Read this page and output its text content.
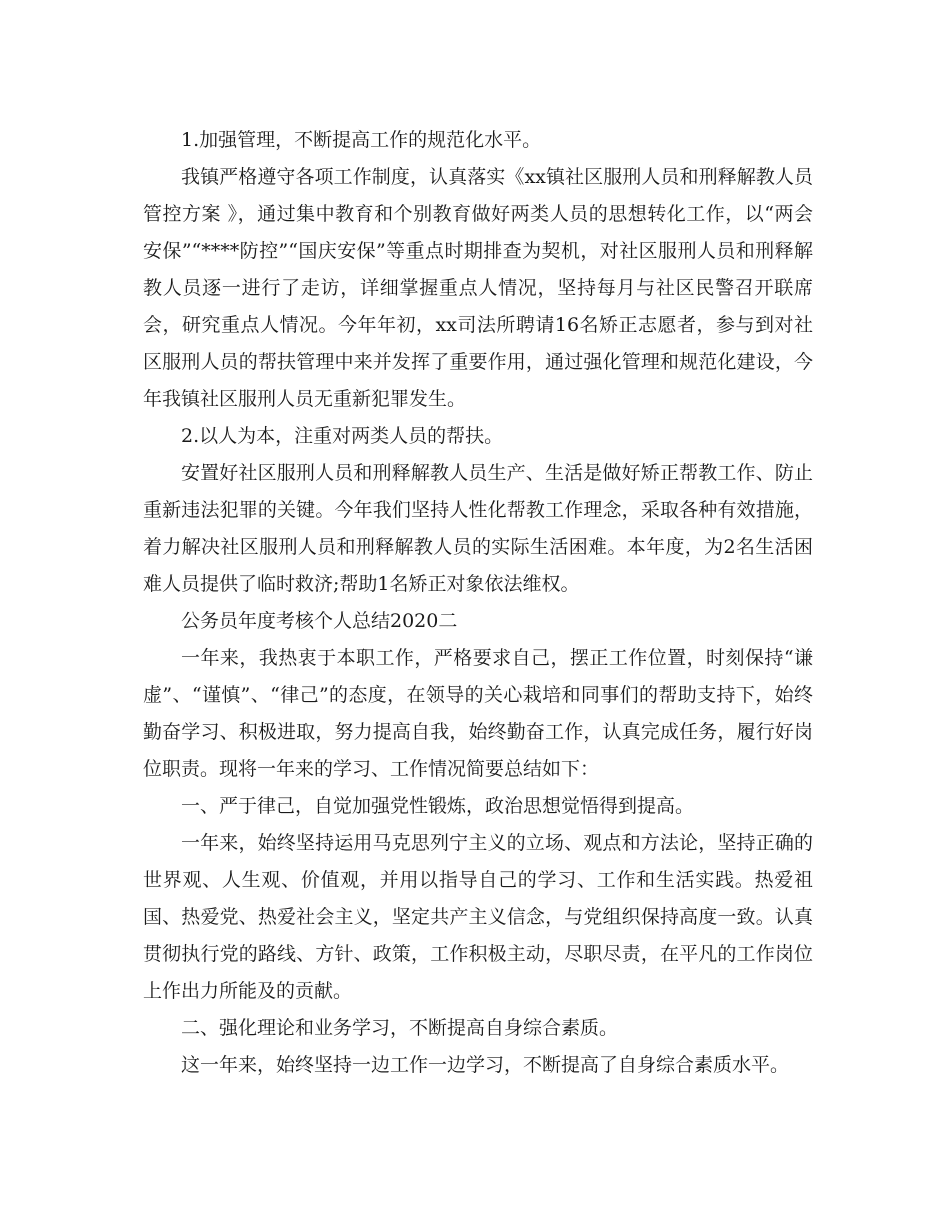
1.加强管理，不断提高工作的规范化水平。

我镇严格遵守各项工作制度，认真落实《xx镇社区服刑人员和刑释解教人员管控方案 》，通过集中教育和个别教育做好两类人员的思想转化工作，以“两会安保”“****防控”“国庆安保”等重点时期排查为契机，对社区服刑人员和刑释解教人员逐一进行了走访，详细掌握重点人情况，坚持每月与社区民警召开联席会，研究重点人情况。今年年初，xx司法所聘请16名矫正志愿者，参与到对社区服刑人员的帮扶管理中来并发挥了重要作用，通过强化管理和规范化建设，今年我镇社区服刑人员无重新犯罪发生。

2.以人为本，注重对两类人员的帮扶。

安置好社区服刑人员和刑释解教人员生产、生活是做好矫正帮教工作、防止重新违法犯罪的关键。今年我们坚持人性化帮教工作理念，采取各种有效措施，着力解决社区服刑人员和刑释解教人员的实际生活困难。本年度，为2名生活困难人员提供了临时救济;帮助1名矫正对象依法维权。

公务员年度考核个人总结2020二

一年来，我热衷于本职工作，严格要求自己，摆正工作位置，时刻保持“谦虚”、“谨慎”、“律己”的态度，在领导的关心栽培和同事们的帮助支持下，始终勤奋学习、积极进取，努力提高自我，始终勤奋工作，认真完成任务，履行好岗位职责。现将一年来的学习、工作情况简要总结如下：

一、严于律己，自觉加强党性锻炼，政治思想觉悟得到提高。

一年来，始终坚持运用马克思列宁主义的立场、观点和方法论，坚持正确的世界观、人生观、价值观，并用以指导自己的学习、工作和生活实践。热爱祖国、热爱党、热爱社会主义，坚定共产主义信念，与党组织保持高度一致。认真贯彻执行党的路线、方针、政策，工作积极主动，尽职尽责，在平凡的工作岗位上作出力所能及的贡献。

二、强化理论和业务学习，不断提高自身综合素质。

这一年来，始终坚持一边工作一边学习，不断提高了自身综合素质水平。
